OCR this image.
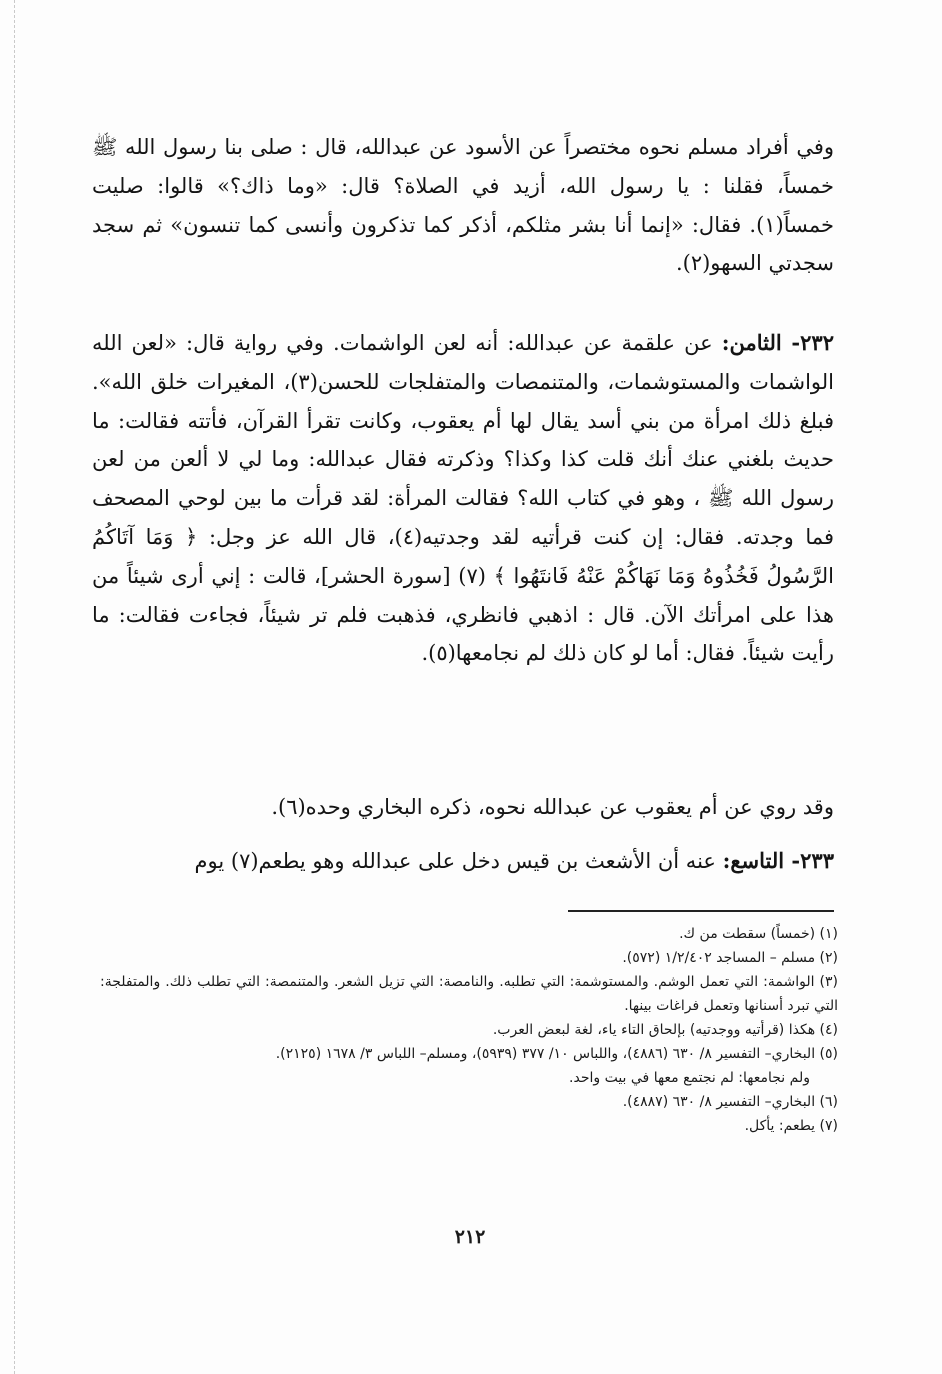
وفي أفراد مسلم نحوه مختصراً عن الأسود عن عبدالله، قال : صلى بنا رسول الله ﷺ خمساً، فقلنا : يا رسول الله، أزيد في الصلاة؟ قال: «وما ذاك؟» قالوا: صليت خمساً(١). فقال: «إنما أنا بشر مثلكم، أذكر كما تذكرون وأنسى كما تنسون» ثم سجد سجدتي السهو(٢).

٢٣٢- الثامن: عن علقمة عن عبدالله: أنه لعن الواشمات. وفي رواية قال: «لعن الله الواشمات والمستوشمات، والمتنمصات والمتفلجات للحسن(٣)، المغيرات خلق الله». فبلغ ذلك امرأة من بني أسد يقال لها أم يعقوب، وكانت تقرأ القرآن، فأتته فقالت: ما حديث بلغني عنك أنك قلت كذا وكذا؟ وذكرته فقال عبدالله: وما لي لا ألعن من لعن رسول الله ﷺ ، وهو في كتاب الله؟ فقالت المرأة: لقد قرأت ما بين لوحي المصحف فما وجدته. فقال: إن كنت قرأتيه لقد وجدتيه(٤)، قال الله عز وجل: ﴿ وَمَا آتَاكُمُ الرَّسُولُ فَخُذُوهُ وَمَا نَهَاكُمْ عَنْهُ فَانتَهُوا ﴾ (٧) [سورة الحشر]، قالت : إني أرى شيئاً من هذا على امرأتك الآن. قال : اذهبي فانظري، فذهبت فلم تر شيئاً، فجاءت فقالت: ما رأيت شيئاً. فقال: أما لو كان ذلك لم نجامعها(٥).

وقد روي عن أم يعقوب عن عبدالله نحوه، ذكره البخاري وحده(٦).

٢٣٣- التاسع: عنه أن الأشعث بن قيس دخل على عبدالله وهو يطعم(٧) يوم

(١) (خمساً) سقطت من ك.

(٢) مسلم – المساجد ١/٢/٤٠٢ (٥٧٢).

(٣) الواشمة: التي تعمل الوشم. والمستوشمة: التي تطلبه. والنامصة: التي تزيل الشعر. والمتنمصة: التي تطلب ذلك. والمتفلجة: التي تبرد أسنانها وتعمل فراغات بينها.

(٤) هكذا (قرأتيه ووجدتيه) بإلحاق التاء ياء، لغة لبعض العرب.

(٥) البخاري– التفسير ٨/ ٦٣٠ (٤٨٨٦)، واللباس ١٠/ ٣٧٧ (٥٩٣٩)، ومسلم– اللباس ٣/ ١٦٧٨ (٢١٢٥).

ولم نجامعها: لم نجتمع معها في بيت واحد.

(٦) البخاري– التفسير ٨/ ٦٣٠ (٤٨٨٧).

(٧) يطعم: يأكل.

٢١٢
